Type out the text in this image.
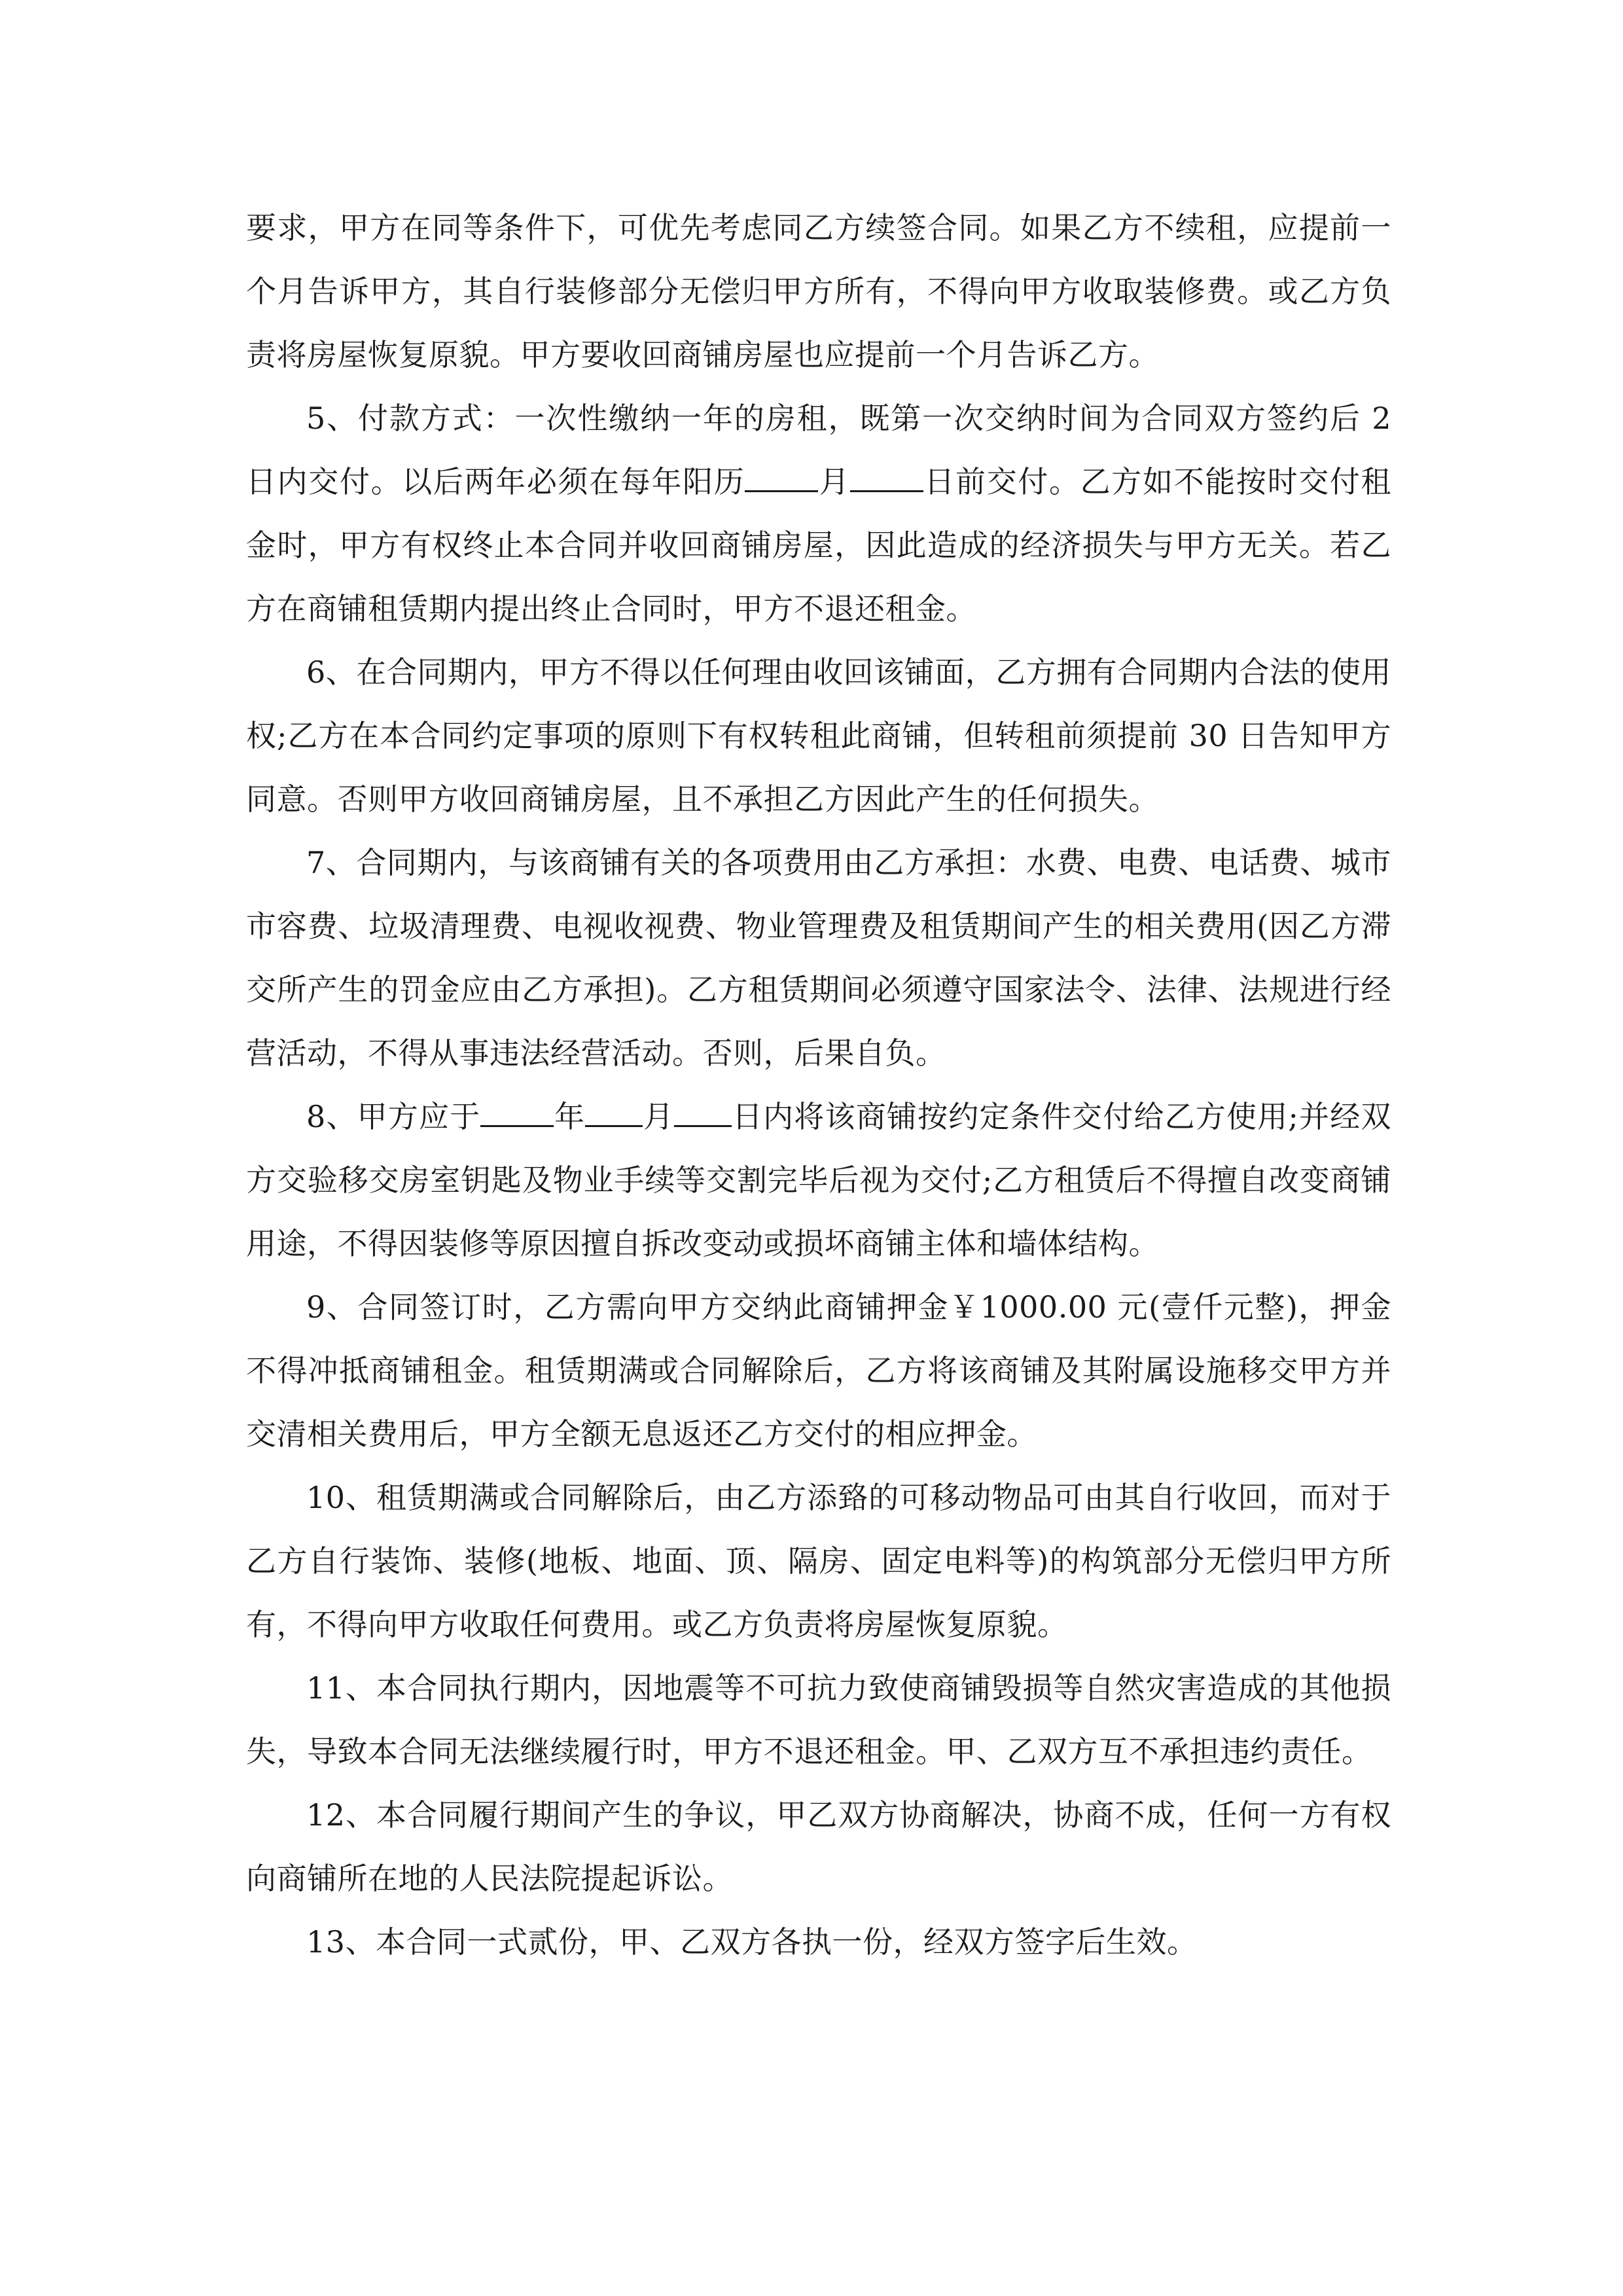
要求，甲方在同等条件下，可优先考虑同乙方续签合同。如果乙方不续租，应提前一个月告诉甲方，其自行装修部分无偿归甲方所有，不得向甲方收取装修费。或乙方负责将房屋恢复原貌。甲方要收回商铺房屋也应提前一个月告诉乙方。

5、付款方式：一次性缴纳一年的房租，既第一次交纳时间为合同双方签约后 2 日内交付。以后两年必须在每年阳历 月 日前交付。乙方如不能按时交付租金时，甲方有权终止本合同并收回商铺房屋，因此造成的经济损失与甲方无关。若乙方在商铺租赁期内提出终止合同时，甲方不退还租金。

6、在合同期内，甲方不得以任何理由收回该铺面，乙方拥有合同期内合法的使用权;乙方在本合同约定事项的原则下有权转租此商铺，但转租前须提前 30 日告知甲方同意。否则甲方收回商铺房屋，且不承担乙方因此产生的任何损失。

7、合同期内，与该商铺有关的各项费用由乙方承担：水费、电费、电话费、城市市容费、垃圾清理费、电视收视费、物业管理费及租赁期间产生的相关费用(因乙方滞交所产生的罚金应由乙方承担)。乙方租赁期间必须遵守国家法令、法律、法规进行经营活动，不得从事违法经营活动。否则，后果自负。

8、甲方应于 年 月 日内将该商铺按约定条件交付给乙方使用;并经双方交验移交房室钥匙及物业手续等交割完毕后视为交付;乙方租赁后不得擅自改变商铺用途，不得因装修等原因擅自拆改变动或损坏商铺主体和墙体结构。

9、合同签订时，乙方需向甲方交纳此商铺押金￥1000.00 元(壹仟元整)，押金不得冲抵商铺租金。租赁期满或合同解除后，乙方将该商铺及其附属设施移交甲方并交清相关费用后，甲方全额无息返还乙方交付的相应押金。

10、租赁期满或合同解除后，由乙方添臵的可移动物品可由其自行收回，而对于乙方自行装饰、装修(地板、地面、顶、隔房、固定电料等)的构筑部分无偿归甲方所有，不得向甲方收取任何费用。或乙方负责将房屋恢复原貌。

11、本合同执行期内，因地震等不可抗力致使商铺毁损等自然灾害造成的其他损失，导致本合同无法继续履行时，甲方不退还租金。甲、乙双方互不承担违约责任。

12、本合同履行期间产生的争议，甲乙双方协商解决，协商不成，任何一方有权向商铺所在地的人民法院提起诉讼。

13、本合同一式贰份，甲、乙双方各执一份，经双方签字后生效。
